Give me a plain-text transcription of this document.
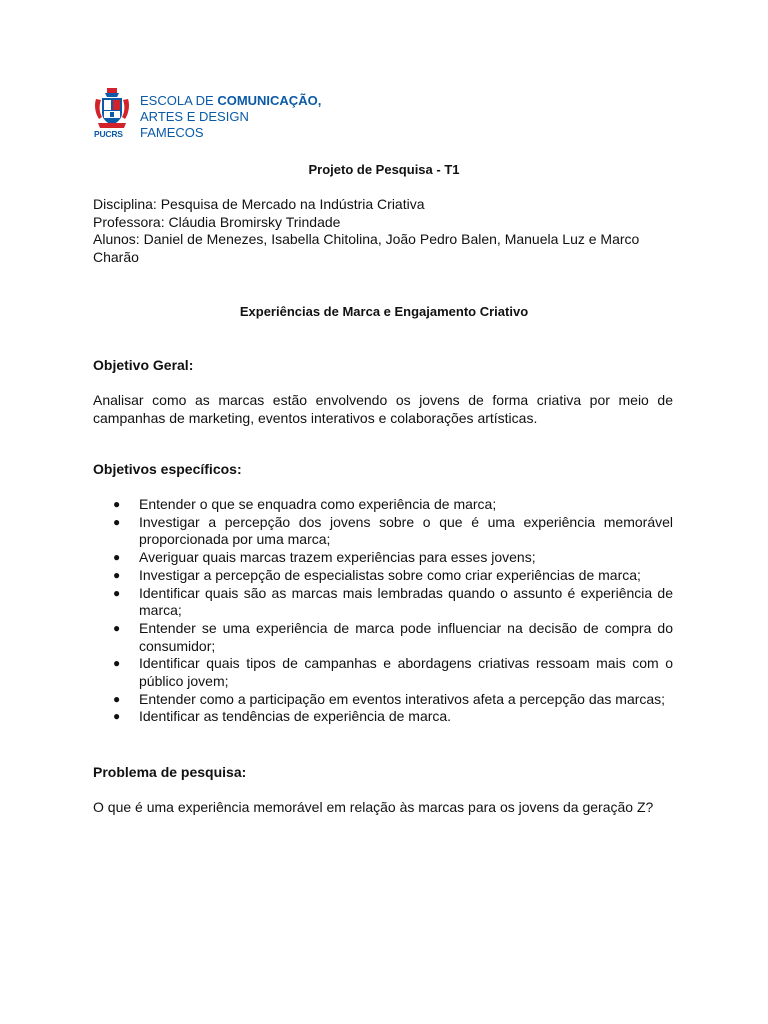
PUCRS
ESCOLA DE COMUNICAÇÃO,
ARTES E DESIGN
FAMECOS
Projeto de Pesquisa - T1
Disciplina: Pesquisa de Mercado na Indústria Criativa
Professora: Cláudia Bromirsky Trindade
Alunos: Daniel de Menezes, Isabella Chitolina, João Pedro Balen, Manuela Luz e Marco Charão
Experiências de Marca e Engajamento Criativo
Objetivo Geral:
Analisar como as marcas estão envolvendo os jovens de forma criativa por meio de campanhas de marketing, eventos interativos e colaborações artísticas.
Objetivos específicos:
● Entender o que se enquadra como experiência de marca;
● Investigar a percepção dos jovens sobre o que é uma experiência memorável proporcionada por uma marca;
● Averiguar quais marcas trazem experiências para esses jovens;
● Investigar a percepção de especialistas sobre como criar experiências de marca;
● Identificar quais são as marcas mais lembradas quando o assunto é experiência de marca;
● Entender se uma experiência de marca pode influenciar na decisão de compra do consumidor;
● Identificar quais tipos de campanhas e abordagens criativas ressoam mais com o público jovem;
● Entender como a participação em eventos interativos afeta a percepção das marcas;
● Identificar as tendências de experiência de marca.
Problema de pesquisa:
O que é uma experiência memorável em relação às marcas para os jovens da geração Z?
